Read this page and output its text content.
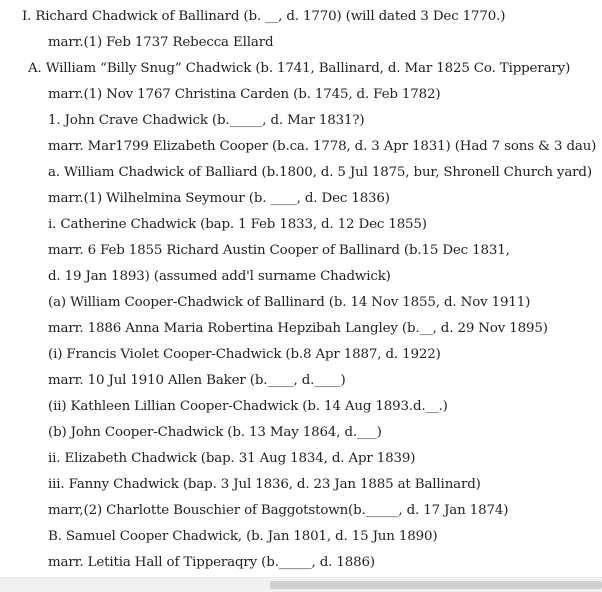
I. Richard Chadwick of Ballinard (b. __, d. 1770) (will dated 3 Dec 1770.)
marr.(1) Feb 1737 Rebecca Ellard
A. William “Billy Snug” Chadwick (b. 1741, Ballinard, d. Mar 1825 Co. Tipperary)
marr.(1) Nov 1767 Christina Carden (b. 1745, d. Feb 1782)
1. John Crave Chadwick (b._____, d. Mar 1831?)
marr. Mar1799 Elizabeth Cooper (b.ca. 1778, d. 3 Apr 1831) (Had 7 sons & 3 dau)
a. William Chadwick of Balliard (b.1800, d. 5 Jul 1875, bur, Shronell Church yard)
marr.(1) Wilhelmina Seymour (b. ____, d. Dec 1836)
i. Catherine Chadwick (bap. 1 Feb 1833, d. 12 Dec 1855)
marr. 6 Feb 1855 Richard Austin Cooper of Ballinard (b.15 Dec 1831,
d. 19 Jan 1893) (assumed add'l surname Chadwick)
(a) William Cooper-Chadwick of Ballinard (b. 14 Nov 1855, d. Nov 1911)
marr. 1886 Anna Maria Robertina Hepzibah Langley (b.__, d. 29 Nov 1895)
(i) Francis Violet Cooper-Chadwick (b.8 Apr 1887, d. 1922)
marr. 10 Jul 1910 Allen Baker (b.____, d.____)
(ii) Kathleen Lillian Cooper-Chadwick (b. 14 Aug 1893.d.__.)
(b) John Cooper-Chadwick (b. 13 May 1864, d.___)
ii. Elizabeth Chadwick (bap. 31 Aug 1834, d. Apr 1839)
iii. Fanny Chadwick (bap. 3 Jul 1836, d. 23 Jan 1885 at Ballinard)
marr,(2) Charlotte Bouschier of Baggotstown(b._____, d. 17 Jan 1874)
B. Samuel Cooper Chadwick, (b. Jan 1801, d. 15 Jun 1890)
marr. Letitia Hall of Tipperaqry (b._____, d. 1886)
